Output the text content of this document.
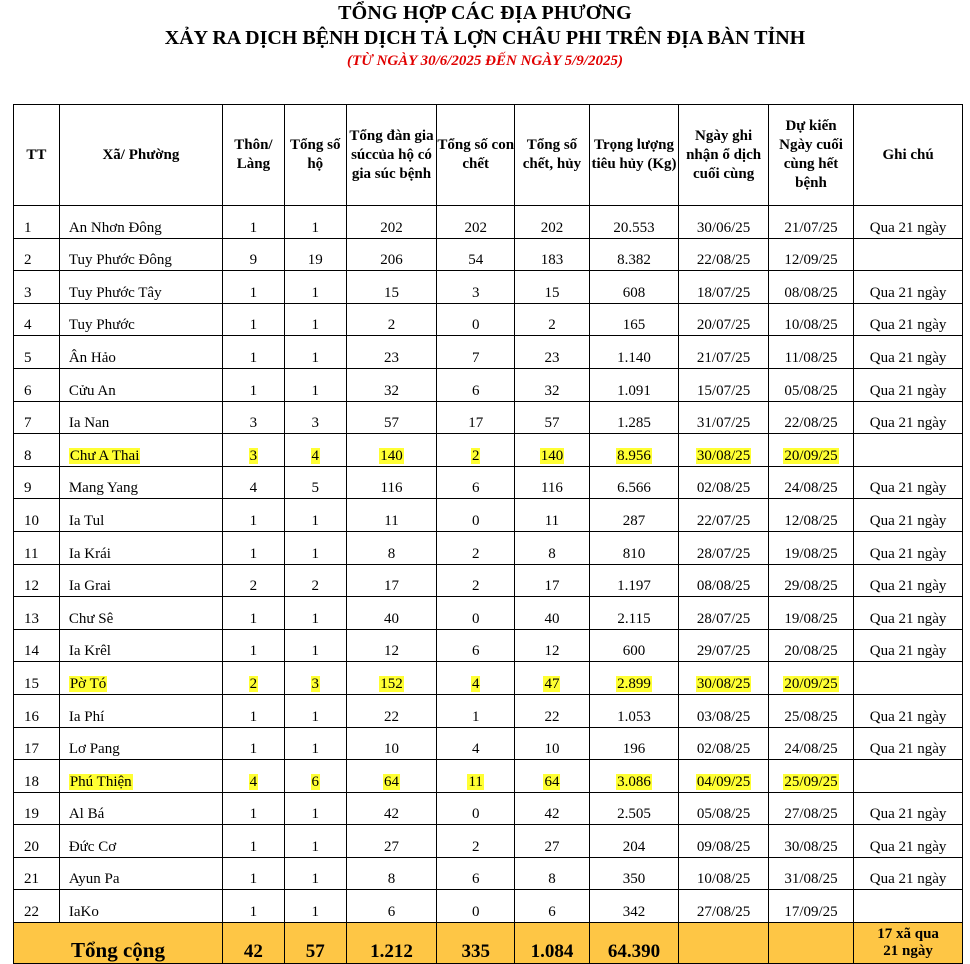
TỔNG HỢP CÁC ĐỊA PHƯƠNG
XẢY RA DỊCH BỆNH DỊCH TẢ LỢN CHÂU PHI TRÊN ĐỊA BÀN TỈNH
(TỪ NGÀY 30/6/2025 ĐẾN NGÀY 5/9/2025)
TT	Xã/ Phường	Thôn/ Làng	Tổng số hộ	Tổng đàn gia súccủa hộ có gia súc bệnh	Tổng số con chết	Tổng số chết, hủy	Trọng lượng tiêu hủy (Kg)	Ngày ghi nhận ổ dịch cuối cùng	Dự kiến Ngày cuối cùng hết bệnh	Ghi chú
1	An Nhơn Đông	1	1	202	202	202	20.553	30/06/25	21/07/25	Qua 21 ngày
2	Tuy Phước Đông	9	19	206	54	183	8.382	22/08/25	12/09/25	
3	Tuy Phước Tây	1	1	15	3	15	608	18/07/25	08/08/25	Qua 21 ngày
4	Tuy Phước	1	1	2	0	2	165	20/07/25	10/08/25	Qua 21 ngày
5	Ân Hảo	1	1	23	7	23	1.140	21/07/25	11/08/25	Qua 21 ngày
6	Cửu An	1	1	32	6	32	1.091	15/07/25	05/08/25	Qua 21 ngày
7	Ia Nan	3	3	57	17	57	1.285	31/07/25	22/08/25	Qua 21 ngày
8	Chư A Thai	3	4	140	2	140	8.956	30/08/25	20/09/25	
9	Mang Yang	4	5	116	6	116	6.566	02/08/25	24/08/25	Qua 21 ngày
10	Ia Tul	1	1	11	0	11	287	22/07/25	12/08/25	Qua 21 ngày
11	Ia Krái	1	1	8	2	8	810	28/07/25	19/08/25	Qua 21 ngày
12	Ia Grai	2	2	17	2	17	1.197	08/08/25	29/08/25	Qua 21 ngày
13	Chư Sê	1	1	40	0	40	2.115	28/07/25	19/08/25	Qua 21 ngày
14	Ia Krêl	1	1	12	6	12	600	29/07/25	20/08/25	Qua 21 ngày
15	Pờ Tó	2	3	152	4	47	2.899	30/08/25	20/09/25	
16	Ia Phí	1	1	22	1	22	1.053	03/08/25	25/08/25	Qua 21 ngày
17	Lơ Pang	1	1	10	4	10	196	02/08/25	24/08/25	Qua 21 ngày
18	Phú Thiện	4	6	64	11	64	3.086	04/09/25	25/09/25	
19	Al Bá	1	1	42	0	42	2.505	05/08/25	27/08/25	Qua 21 ngày
20	Đức Cơ	1	1	27	2	27	204	09/08/25	30/08/25	Qua 21 ngày
21	Ayun Pa	1	1	8	6	8	350	10/08/25	31/08/25	Qua 21 ngày
22	IaKo	1	1	6	0	6	342	27/08/25	17/09/25	
Tổng cộng		42	57	1.212	335	1.084	64.390			17 xã qua
21 ngày
